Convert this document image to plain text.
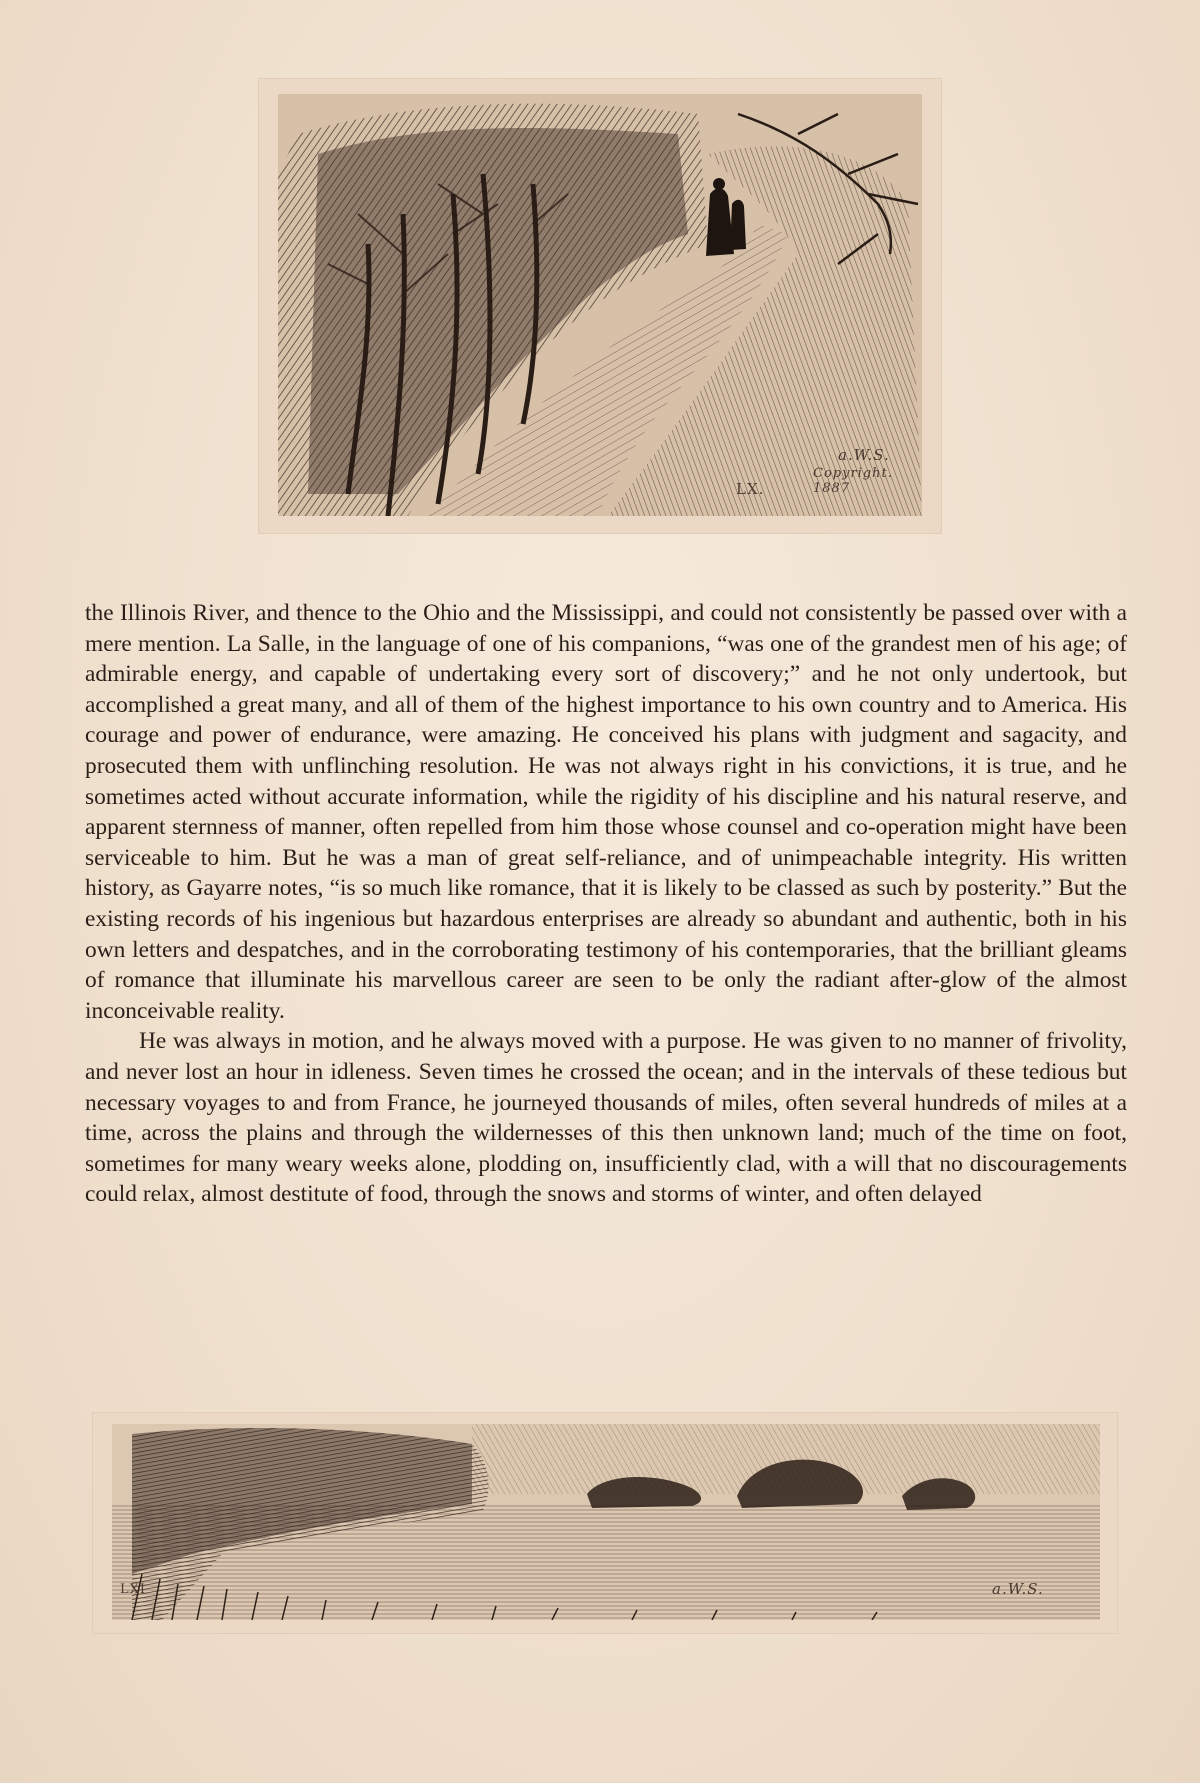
LX.
a.W.S.
Copyright. 1887

the Illinois River, and thence to the Ohio and the Mississippi, and could not consistently be passed over with a mere mention. La Salle, in the language of one of his companions, “was one of the grandest men of his age; of admirable energy, and capable of undertaking every sort of discovery;” and he not only undertook, but accomplished a great many, and all of them of the highest importance to his own country and to America. His courage and power of endurance, were amazing. He conceived his plans with judgment and sagacity, and prosecuted them with unflinching resolution. He was not always right in his convictions, it is true, and he sometimes acted without accurate information, while the rigidity of his discipline and his natural reserve, and apparent sternness of manner, often repelled from him those whose counsel and co-operation might have been serviceable to him. But he was a man of great self-reliance, and of unimpeachable integrity. His written history, as Gayarre notes, “is so much like romance, that it is likely to be classed as such by posterity.” But the existing records of his ingenious but hazardous enterprises are already so abundant and authentic, both in his own letters and despatches, and in the corroborating testimony of his contemporaries, that the brilliant gleams of romance that illuminate his marvellous career are seen to be only the radiant after-glow of the almost inconceivable reality.

He was always in motion, and he always moved with a purpose. He was given to no manner of frivolity, and never lost an hour in idleness. Seven times he crossed the ocean; and in the intervals of these tedious but necessary voyages to and from France, he journeyed thousands of miles, often several hundreds of miles at a time, across the plains and through the wildernesses of this then unknown land; much of the time on foot, sometimes for many weary weeks alone, plodding on, insufficiently clad, with a will that no discouragements could relax, almost destitute of food, through the snows and storms of winter, and often delayed

LXI	a.W.S.
